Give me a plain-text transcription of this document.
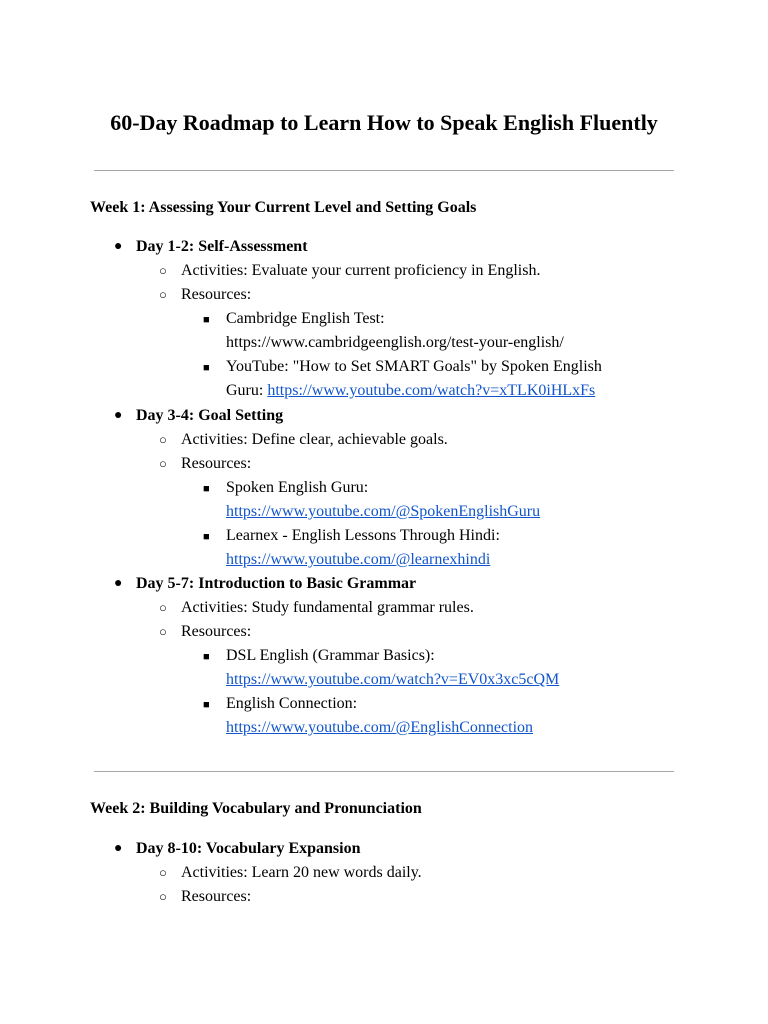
60-Day Roadmap to Learn How to Speak English Fluently
Week 1: Assessing Your Current Level and Setting Goals
● Day 1-2: Self-Assessment
○ Activities: Evaluate your current proficiency in English.
○ Resources:
■ Cambridge English Test:
https://www.cambridgeenglish.org/test-your-english/
■ YouTube: "How to Set SMART Goals" by Spoken English
Guru: https://www.youtube.com/watch?v=xTLK0iHLxFs
● Day 3-4: Goal Setting
○ Activities: Define clear, achievable goals.
○ Resources:
■ Spoken English Guru:
https://www.youtube.com/@SpokenEnglishGuru
■ Learnex - English Lessons Through Hindi:
https://www.youtube.com/@learnexhindi
● Day 5-7: Introduction to Basic Grammar
○ Activities: Study fundamental grammar rules.
○ Resources:
■ DSL English (Grammar Basics):
https://www.youtube.com/watch?v=EV0x3xc5cQM
■ English Connection:
https://www.youtube.com/@EnglishConnection
Week 2: Building Vocabulary and Pronunciation
● Day 8-10: Vocabulary Expansion
○ Activities: Learn 20 new words daily.
○ Resources:
